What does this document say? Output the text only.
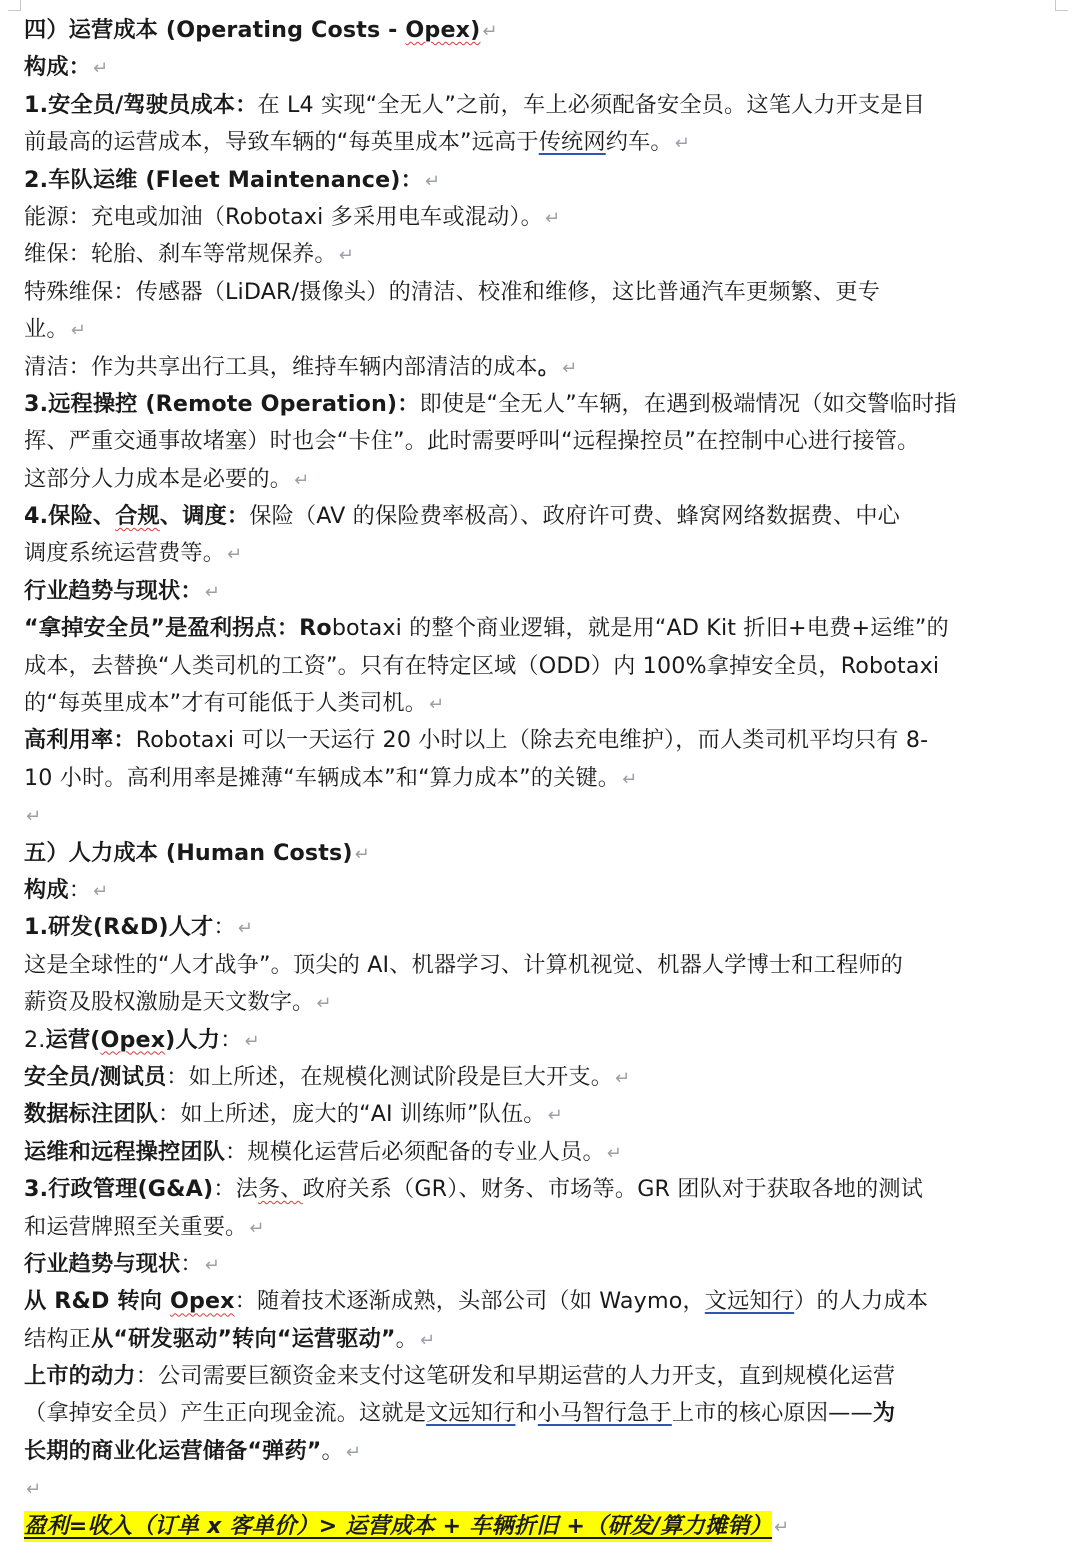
四）运营成本 (Operating Costs - Opex) ↵
构成： ↵
1.安全员/驾驶员成本：在 L4 实现“全无人”之前，车上必须配备安全员。这笔人力开支是目
前最高的运营成本，导致车辆的“每英里成本”远高于传统网约车。 ↵
2.车队运维 (Fleet Maintenance)： ↵
能源：充电或加油（Robotaxi 多采用电车或混动）。 ↵
维保：轮胎、刹车等常规保养。 ↵
特殊维保：传感器（LiDAR/摄像头）的清洁、校准和维修，这比普通汽车更频繁、更专
业。 ↵
清洁：作为共享出行工具，维持车辆内部清洁的成本。 ↵
3.远程操控 (Remote Operation)：即使是“全无人”车辆，在遇到极端情况（如交警临时指
挥、严重交通事故堵塞）时也会“卡住”。此时需要呼叫“远程操控员”在控制中心进行接管。
这部分人力成本是必要的。 ↵
4.保险、合规、调度：保险（AV 的保险费率极高）、政府许可费、蜂窝网络数据费、中心
调度系统运营费等。 ↵
行业趋势与现状： ↵
“拿掉安全员”是盈利拐点：Robotaxi 的整个商业逻辑，就是用“AD Kit 折旧+电费+运维”的
成本，去替换“人类司机的工资”。只有在特定区域（ODD）内 100%拿掉安全员，Robotaxi
的“每英里成本”才有可能低于人类司机。 ↵
高利用率：Robotaxi 可以一天运行 20 小时以上（除去充电维护），而人类司机平均只有 8-
10 小时。高利用率是摊薄“车辆成本”和“算力成本”的关键。 ↵
↵
五）人力成本 (Human Costs) ↵
构成： ↵
1.研发(R&D)人才： ↵
这是全球性的“人才战争”。顶尖的 AI、机器学习、计算机视觉、机器人学博士和工程师的
薪资及股权激励是天文数字。 ↵
2.运营(Opex)人力： ↵
安全员/测试员：如上所述，在规模化测试阶段是巨大开支。 ↵
数据标注团队：如上所述，庞大的“AI 训练师”队伍。 ↵
运维和远程操控团队：规模化运营后必须配备的专业人员。 ↵
3.行政管理(G&A)：法务、政府关系（GR）、财务、市场等。GR 团队对于获取各地的测试
和运营牌照至关重要。 ↵
行业趋势与现状： ↵
从 R&D 转向 Opex：随着技术逐渐成熟，头部公司（如 Waymo，文远知行）的人力成本
结构正从“研发驱动”转向“运营驱动”。 ↵
上市的动力：公司需要巨额资金来支付这笔研发和早期运营的人力开支，直到规模化运营
（拿掉安全员）产生正向现金流。这就是文远知行和小马智行急于上市的核心原因——为
长期的商业化运营储备“弹药”。 ↵
↵
盈利=收入（订单 x 客单价）> 运营成本 + 车辆折旧 +（研发/算力摊销） ↵
